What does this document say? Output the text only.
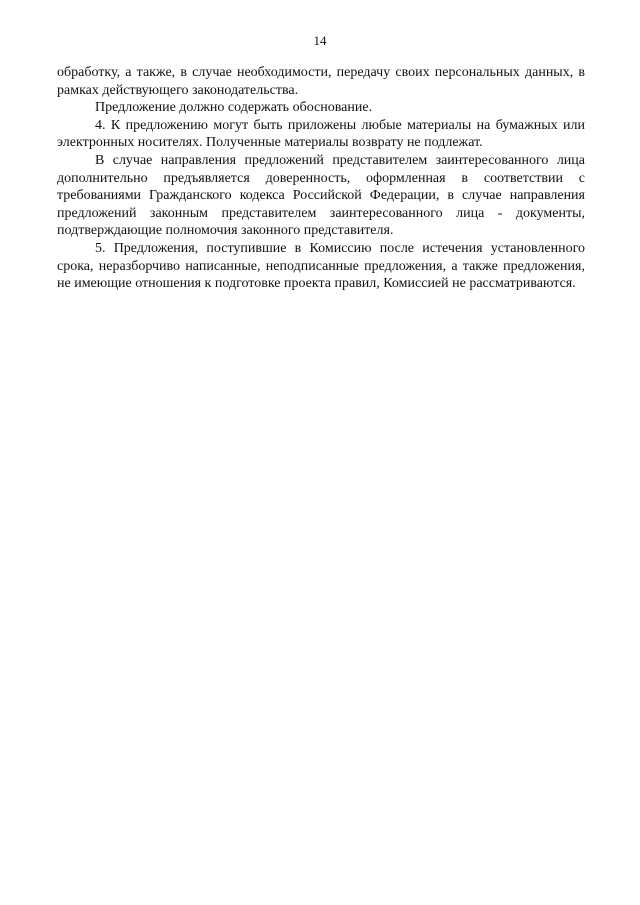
14

обработку, а также, в случае необходимости, передачу своих персональных данных, в рамках действующего законодательства.

Предложение должно содержать обоснование.

4. К предложению могут быть приложены любые материалы на бумажных или электронных носителях. Полученные материалы возврату не подлежат.

В случае направления предложений представителем заинтересованного лица дополнительно предъявляется доверенность, оформленная в соответствии с требованиями Гражданского кодекса Российской Федерации, в случае направления предложений законным представителем заинтересованного лица - документы, подтверждающие полномочия законного представителя.

5. Предложения, поступившие в Комиссию после истечения установленного срока, неразборчиво написанные, неподписанные предложения, а также предложения, не имеющие отношения к подготовке проекта правил, Комиссией не рассматриваются.
